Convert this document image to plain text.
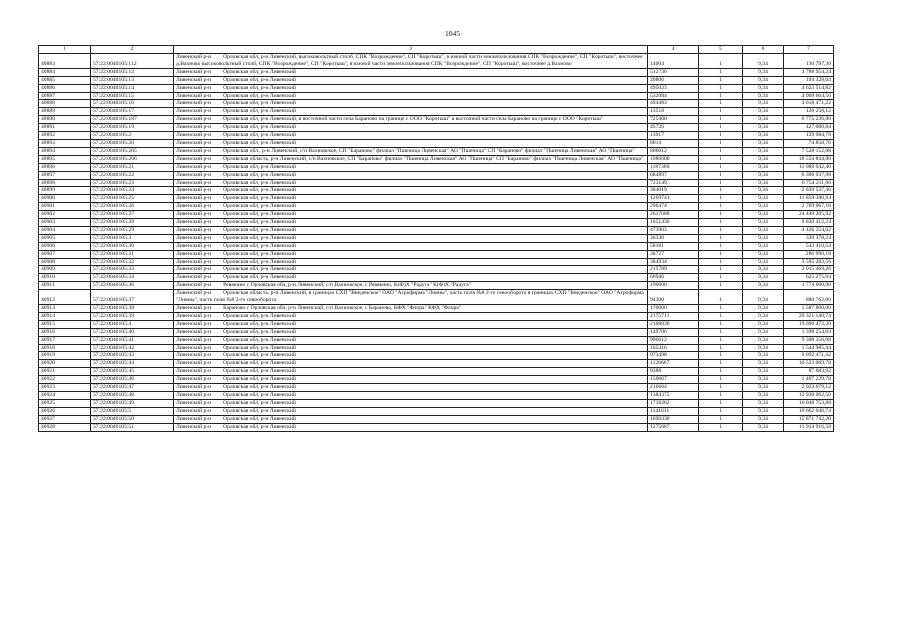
1045
1	2	3	4	5	6	7
40883	57:22:0040105:112	Ливенский р-н Орловская обл, р-н Ливенский, высоковольтный столб, СПК "Возрождение", СП "Коротыш", в южной части землепользования СПК "Возрождение", СП "Коротыш", восточнее д.Вахново высоковольтный столб, СПК "Возрождение", СП "Коротыш", в южной части землепользования СПК "Возрождение", СП "Коротыш", восточнее д.Вахново	14004	1	9,34	130 797,36
40884	57:22:0040105:12	Ливенский р-н Орловская обл, р-н Ливенский	512736	1	9,34	4 788 954,24
40885	57:22:0040105:13	Ливенский р-н Орловская обл, р-н Ливенский	20806	1	9,34	194 328,04
40886	57:22:0040105:14	Ливенский р-н Орловская обл, р-н Ливенский	495023	1	9,34	4 623 514,82
40887	57:22:0040105:15	Ливенский р-н Орловская обл, р-н Ливенский	532084	1	9,34	4 969 664,56
40888	57:22:0040105:16	Ливенский р-н Орловская обл, р-н Ливенский	494483	1	9,34	4 618 471,22
40889	57:22:0040105:17	Ливенский р-н Орловская обл, р-н Ливенский	13518	1	9,34	126 258,12
40890	57:22:0040105:187	Ливенский р-н Орловская обл, р-н Ливенский, в восточной части села Бараново на границе с ООО "Коротыш" в восточной части села Бараново на границе с ООО "Коротыш"	725400	1	9,34	6 775 236,00
40891	57:22:0040105:19	Ливенский р-н Орловская обл, р-н Ливенский	45726	1	9,34	427 080,84
40892	57:22:0040105:2	Ливенский р-н Орловская обл, р-н Ливенский	13917	1	9,34	129 984,78
40893	57:22:0040105:20	Ливенский р-н Орловская обл, р-н Ливенский	8014	1	9,34	74 850,76
40894	57:22:0040105:205	Ливенский р-н Орловская обл., р-н Ливенский, с/п Вахновское, СП "Бараново" филиал "Пшеница Ливенская" АО "Пшеница" СП "Бараново" филиал "Пшеница Ливенская" АО "Пшеница"	806012	1	9,34	7 528 152,08
40895	57:22:0040105:206	Ливенский р-н Орловская область, р-н Ливенский, с/п Вахновское, СП "Бараново" филиал "Пшеница Ливенская" АО "Пшеница" СП "Бараново" филиал "Пшеница Ливенская" АО "Пшеница"	1986600	1	9,34	18 554 844,00
40896	57:22:0040105:21	Ливенский р-н Орловская обл, р-н Ливенский	1187360	1	9,34	11 089 942,40
40897	57:22:0040105:22	Ливенский р-н Орловская обл, р-н Ливенский	684897	1	9,34	6 396 937,98
40898	57:22:0040105:23	Ливенский р-н Орловская обл, р-н Ливенский	723149	1	9,34	6 754 211,66
40899	57:22:0040105:24	Ливенский р-н Орловская обл, р-н Ливенский	304019	1	9,34	2 839 537,46
40900	57:22:0040105:25	Ливенский р-н Орловская обл, р-н Ливенский	1269741	1	9,34	11 859 380,94
40901	57:22:0040105:26	Ливенский р-н Орловская обл, р-н Ливенский	296474	1	9,34	2 769 067,16
40902	57:22:0040105:27	Ливенский р-н Орловская обл, р-н Ливенский	2617688	1	9,34	24 449 205,92
40903	57:22:0040105:28	Ливенский р-н Орловская обл, р-н Ливенский	1051436	1	9,34	9 820 412,24
40904	57:22:0040105:29	Ливенский р-н Орловская обл, р-н Ливенский	473903	1	9,34	4 426 254,02
40905	57:22:0040105:3	Ливенский р-н Орловская обл, р-н Ливенский	36336	1	9,34	339 378,24
40906	57:22:0040105:30	Ливенский р-н Орловская обл, р-н Ливенский	58181	1	9,34	543 410,54
40907	57:22:0040105:31	Ливенский р-н Орловская обл, р-н Ливенский	30727	1	9,34	286 990,18
40908	57:22:0040105:32	Ливенский р-н Орловская обл, р-н Ливенский	384934	1	9,34	3 595 283,56
40909	57:22:0040105:33	Ливенский р-н Орловская обл, р-н Ливенский	215789	1	9,34	2 015 469,26
40910	57:22:0040105:34	Ливенский р-н Орловская обл, р-н Ливенский	66946	1	9,34	625 275,64
40911	57:22:0040105:36	Ливенский р-н Ревякино с Орловская обл, р-н Ливенский, с/п Вахновское, с Ревякино, К(Ф)Х "Радуга" К(Ф)Х "Радуга"	190000	1	9,34	1 774 600,00
40912	57:22:0040105:37	Ливенский р-н Орловская область, р-н Ливенский, в границах СХП "Введенское" ОАО "Агрофирма "Ливны", часть поля №8 2-го севооборота в границах СХП "Введенское" ОАО "Агрофирма "Ливны", часть поля №8 2-го севооборота	94300	1	9,34	880 762,00
40913	57:22:0040105:38	Ливенский р-н Бараново с Орловская обл, р-н Ливенский, с/п Вахновское, с Бараново, КФХ "Флора" КФХ "Флора"	170000	1	9,34	1 587 800,00
40914	57:22:0040105:39	Ливенский р-н Орловская обл, р-н Ливенский	2175711	1	9,34	20 321 140,74
40915	57:22:0040105:4	Ливенский р-н Орловская обл, р-н Ливенский	2108830	1	9,34	19 696 472,20
40916	57:22:0040105:40	Ливенский р-н Орловская обл, р-н Ливенский	149706	1	9,34	1 398 254,04
40917	57:22:0040105:41	Ливенский р-н Орловская обл, р-н Ливенский	996612	1	9,34	9 308 356,08
40918	57:22:0040105:42	Ливенский р-н Орловская обл, р-н Ливенский	165416	1	9,34	1 544 985,44
40919	57:22:0040105:43	Ливенский р-н Орловская обл, р-н Ливенский	973498	1	9,34	9 092 471,32
40920	57:22:0040105:44	Ливенский р-н Орловская обл, р-н Ливенский	1126667	1	9,34	10 523 069,78
40921	57:22:0040105:45	Ливенский р-н Орловская обл, р-н Ливенский	9388	1	9,34	87 683,92
40922	57:22:0040105:46	Ливенский р-н Орловская обл, р-н Ливенский	150667	1	9,34	1 407 229,78
40923	57:22:0040105:47	Ливенский р-н Орловская обл, р-н Ливенский	216664	1	9,34	2 023 679,12
40924	57:22:0040105:48	Ливенский р-н Орловская обл, р-н Ливенский	1384375	1	9,34	12 930 062,50
40925	57:22:0040105:49	Ливенский р-н Орловская обл, р-н Ливенский	1718282	1	9,34	16 048 753,88
40926	57:22:0040105:5	Ливенский р-н Орловская обл, р-н Ливенский	1141611	1	9,34	10 662 646,74
40927	57:22:0040105:50	Ливенский р-н Орловская обл, р-н Ливенский	1699330	1	9,34	15 871 742,20
40928	57:22:0040105:51	Ливенский р-н Орловская обл, р-н Ливенский	1275687	1	9,34	11 914 916,58
